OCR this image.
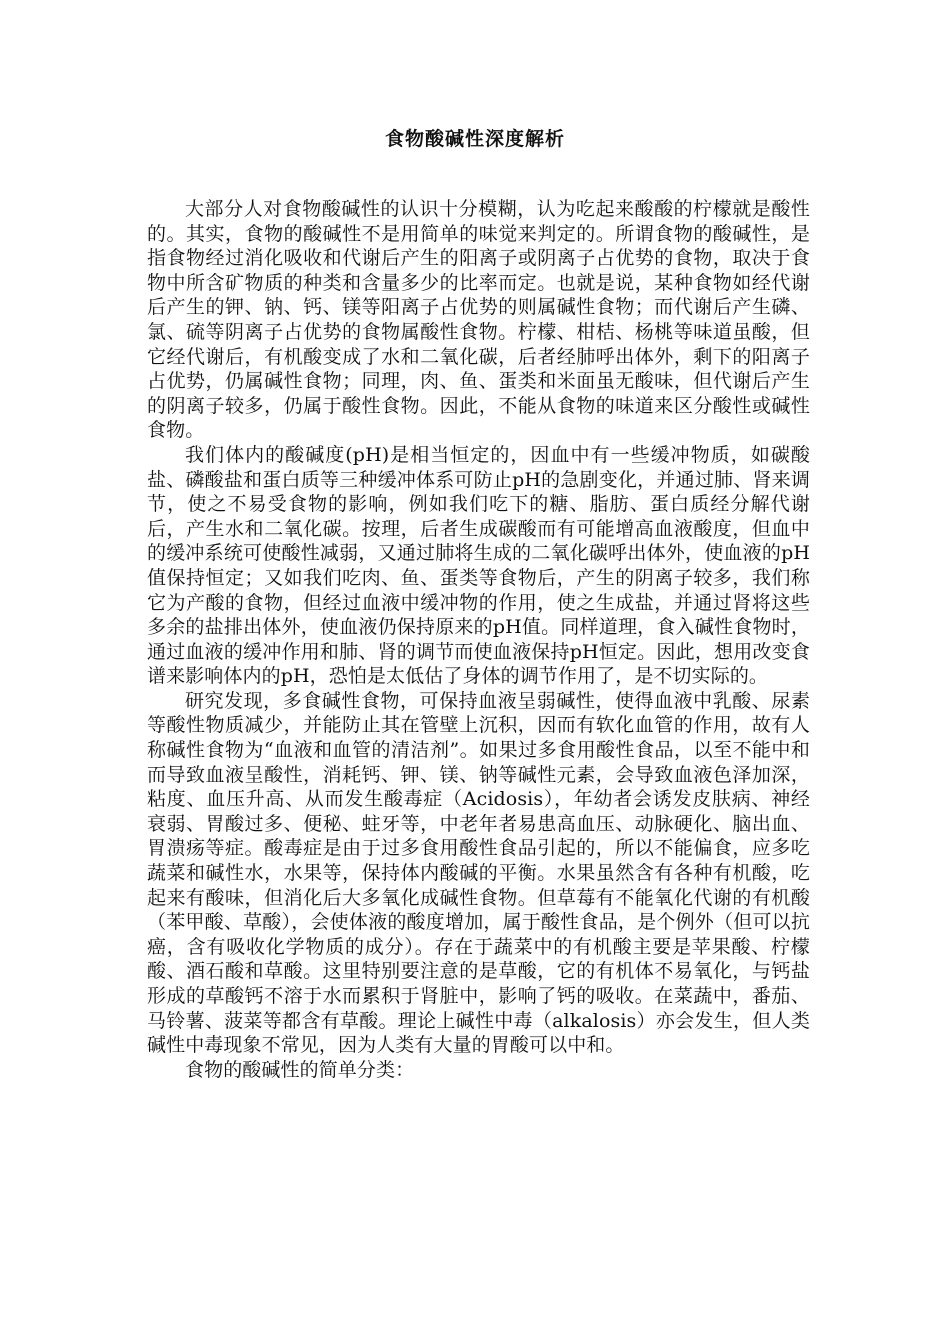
食物酸碱性深度解析

大部分人对食物酸碱性的认识十分模糊，认为吃起来酸酸的柠檬就是酸性的。其实，食物的酸碱性不是用简单的味觉来判定的。所谓食物的酸碱性，是指食物经过消化吸收和代谢后产生的阳离子或阴离子占优势的食物，取决于食物中所含矿物质的种类和含量多少的比率而定。也就是说，某种食物如经代谢后产生的钾、钠、钙、镁等阳离子占优势的则属碱性食物；而代谢后产生磷、氯、硫等阴离子占优势的食物属酸性食物。柠檬、柑桔、杨桃等味道虽酸，但它经代谢后，有机酸变成了水和二氧化碳，后者经肺呼出体外，剩下的阳离子占优势，仍属碱性食物；同理，肉、鱼、蛋类和米面虽无酸味，但代谢后产生的阴离子较多，仍属于酸性食物。因此，不能从食物的味道来区分酸性或碱性食物。

我们体内的酸碱度(pH)是相当恒定的，因血中有一些缓冲物质，如碳酸盐、磷酸盐和蛋白质等三种缓冲体系可防止pH的急剧变化，并通过肺、肾来调节，使之不易受食物的影响，例如我们吃下的糖、脂肪、蛋白质经分解代谢后，产生水和二氧化碳。按理，后者生成碳酸而有可能增高血液酸度，但血中的缓冲系统可使酸性减弱，又通过肺将生成的二氧化碳呼出体外，使血液的pH值保持恒定；又如我们吃肉、鱼、蛋类等食物后，产生的阴离子较多，我们称它为产酸的食物，但经过血液中缓冲物的作用，使之生成盐，并通过肾将这些多余的盐排出体外，使血液仍保持原来的pH值。同样道理，食入碱性食物时，通过血液的缓冲作用和肺、肾的调节而使血液保持pH恒定。因此，想用改变食谱来影响体内的pH，恐怕是太低估了身体的调节作用了，是不切实际的。

研究发现，多食碱性食物，可保持血液呈弱碱性，使得血液中乳酸、尿素等酸性物质减少，并能防止其在管壁上沉积，因而有软化血管的作用，故有人称碱性食物为“血液和血管的清洁剂”。如果过多食用酸性食品，以至不能中和而导致血液呈酸性，消耗钙、钾、镁、钠等碱性元素，会导致血液色泽加深，粘度、血压升高、从而发生酸毒症（Acidosis），年幼者会诱发皮肤病、神经衰弱、胃酸过多、便秘、蛀牙等，中老年者易患高血压、动脉硬化、脑出血、胃溃疡等症。酸毒症是由于过多食用酸性食品引起的，所以不能偏食，应多吃蔬菜和碱性水，水果等，保持体内酸碱的平衡。水果虽然含有各种有机酸，吃起来有酸味，但消化后大多氧化成碱性食物。但草莓有不能氧化代谢的有机酸（苯甲酸、草酸），会使体液的酸度增加，属于酸性食品，是个例外（但可以抗癌，含有吸收化学物质的成分）。存在于蔬菜中的有机酸主要是苹果酸、柠檬酸、酒石酸和草酸。这里特别要注意的是草酸，它的有机体不易氧化，与钙盐形成的草酸钙不溶于水而累积于肾脏中，影响了钙的吸收。在菜蔬中，番茄、马铃薯、菠菜等都含有草酸。理论上碱性中毒（alkalosis）亦会发生，但人类碱性中毒现象不常见，因为人类有大量的胃酸可以中和。

食物的酸碱性的简单分类：
